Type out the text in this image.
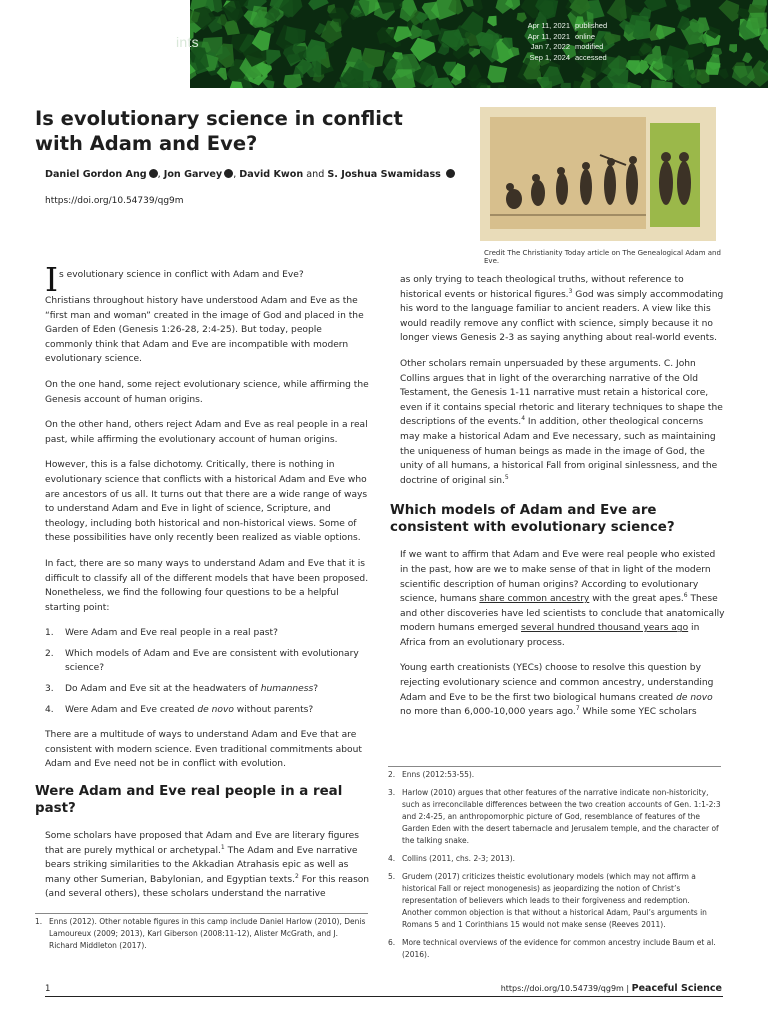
ints
Apr 11, 2021 published
Apr 11, 2021 online
Jan 7, 2022 modified
Sep 1, 2024 accessed
Is evolutionary science in conflict with Adam and Eve?
Daniel Gordon Ang , Jon Garvey , David Kwon and S. Joshua Swamidass
https://doi.org/10.54739/qg9m
Credit The Christianity Today article on The Genealogical Adam and Eve.

Is evolutionary science in conflict with Adam and Eve?

Christians throughout history have understood Adam and Eve as the “first man and woman” created in the image of God and placed in the Garden of Eden (Genesis 1:26-28, 2:4-25). But today, people commonly think that Adam and Eve are incompatible with modern evolutionary science.

On the one hand, some reject evolutionary science, while affirming the Genesis account of human origins.

On the other hand, others reject Adam and Eve as real people in a real past, while affirming the evolutionary account of human origins.

However, this is a false dichotomy. Critically, there is nothing in evolutionary science that conflicts with a historical Adam and Eve who are ancestors of us all. It turns out that there are a wide range of ways to understand Adam and Eve in light of science, Scripture, and theology, including both historical and non-historical views. Some of these possibilities have only recently been realized as viable options.

In fact, there are so many ways to understand Adam and Eve that it is difficult to classify all of the different models that have been proposed. Nonetheless, we find the following four questions to be a helpful starting point:

1.	Were Adam and Eve real people in a real past?
2.	Which models of Adam and Eve are consistent with evolutionary science?
3.	Do Adam and Eve sit at the headwaters of humanness?
4.	Were Adam and Eve created de novo without parents?

There are a multitude of ways to understand Adam and Eve that are consistent with modern science. Even traditional commitments about Adam and Eve need not be in conflict with evolution.

Were Adam and Eve real people in a real past?

Some scholars have proposed that Adam and Eve are literary figures that are purely mythical or archetypal.$^1$ The Adam and Eve narrative bears striking similarities to the Akkadian Atrahasis epic as well as many other Sumerian, Babylonian, and Egyptian texts.$^2$ For this reason (and several others), these scholars understand the narrative

as only trying to teach theological truths, without reference to historical events or historical figures.$^3$ God was simply accommodating his word to the language familiar to ancient readers. A view like this would readily remove any conflict with science, simply because it no longer views Genesis 2-3 as saying anything about real-world events.

Other scholars remain unpersuaded by these arguments. C. John Collins argues that in light of the overarching narrative of the Old Testament, the Genesis 1-11 narrative must retain a historical core, even if it contains special rhetoric and literary techniques to shape the descriptions of the events.$^4$ In addition, other theological concerns may make a historical Adam and Eve necessary, such as maintaining the uniqueness of human beings as made in the image of God, the unity of all humans, a historical Fall from original sinlessness, and the doctrine of original sin.$^5$

Which models of Adam and Eve are consistent with evolutionary science?

If we want to affirm that Adam and Eve were real people who existed in the past, how are we to make sense of that in light of the modern scientific description of human origins? According to evolutionary science, humans share common ancestry with the great apes.$^6$ These and other discoveries have led scientists to conclude that anatomically modern humans emerged several hundred thousand years ago in Africa from an evolutionary process.

Young earth creationists (YECs) choose to resolve this question by rejecting evolutionary science and common ancestry, understanding Adam and Eve to be the first two biological humans created de novo no more than 6,000-10,000 years ago.$^7$ While some YEC scholars

1. Enns (2012). Other notable figures in this camp include Daniel Harlow (2010), Denis Lamoureux (2009; 2013), Karl Giberson (2008:11-12), Alister McGrath, and J. Richard Middleton (2017).
2. Enns (2012:53-55).
3. Harlow (2010) argues that other features of the narrative indicate non-historicity, such as irreconcilable differences between the two creation accounts of Gen. 1:1-2:3 and 2:4-25, an anthropomorphic picture of God, resemblance of features of the Garden Eden with the desert tabernacle and Jerusalem temple, and the character of the talking snake.
4. Collins (2011, chs. 2-3; 2013).
5. Grudem (2017) criticizes theistic evolutionary models (which may not affirm a historical Fall or reject monogenesis) as jeopardizing the notion of Christ’s representation of believers which leads to their forgiveness and redemption. Another common objection is that without a historical Adam, Paul’s arguments in Romans 5 and 1 Corinthians 15 would not make sense (Reeves 2011).
6. More technical overviews of the evidence for common ancestry include Baum et al. (2016).
1	https://doi.org/10.54739/qg9m | Peaceful Science
